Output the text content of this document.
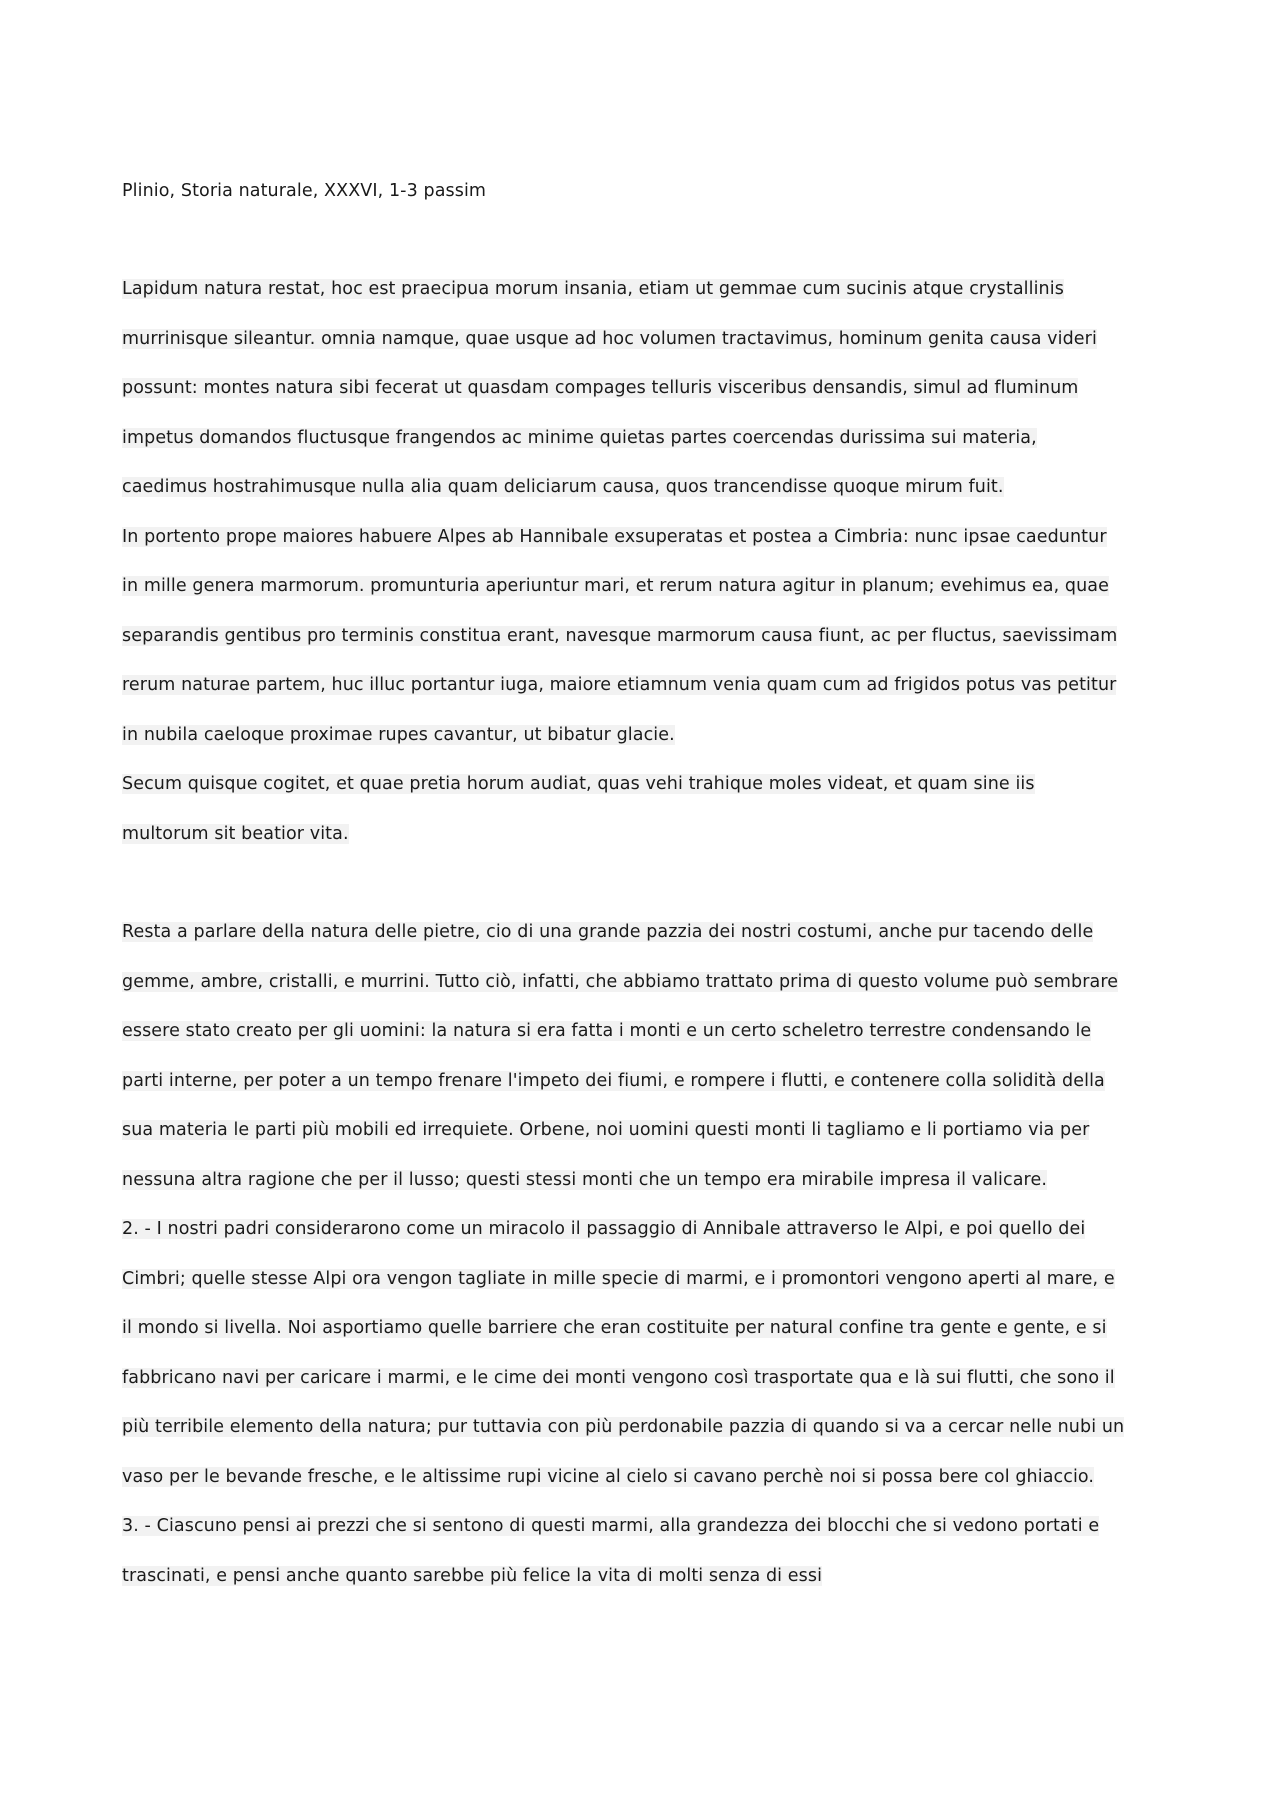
Plinio, Storia naturale, XXXVI, 1-3 passim
Lapidum natura restat, hoc est praecipua morum insania, etiam ut gemmae cum sucinis atque crystallinis
murrinisque sileantur. omnia namque, quae usque ad hoc volumen tractavimus, hominum genita causa videri
possunt: montes natura sibi fecerat ut quasdam compages telluris visceribus densandis, simul ad fluminum
impetus domandos fluctusque frangendos ac minime quietas partes coercendas durissima sui materia,
caedimus hostrahimusque nulla alia quam deliciarum causa, quos trancendisse quoque mirum fuit.
In portento prope maiores habuere Alpes ab Hannibale exsuperatas et postea a Cimbria: nunc ipsae caeduntur
in mille genera marmorum. promunturia aperiuntur mari, et rerum natura agitur in planum; evehimus ea, quae
separandis gentibus pro terminis constitua erant, navesque marmorum causa fiunt, ac per fluctus, saevissimam
rerum naturae partem, huc illuc portantur iuga, maiore etiamnum venia quam cum ad frigidos potus vas petitur
in nubila caeloque proximae rupes cavantur, ut bibatur glacie.
Secum quisque cogitet, et quae pretia horum audiat, quas vehi trahique moles videat, et quam sine iis
multorum sit beatior vita.
Resta a parlare della natura delle pietre, cio di una grande pazzia dei nostri costumi, anche pur tacendo delle
gemme, ambre, cristalli, e murrini. Tutto ciò, infatti, che abbiamo trattato prima di questo volume può sembrare
essere stato creato per gli uomini: la natura si era fatta i monti e un certo scheletro terrestre condensando le
parti interne, per poter a un tempo frenare l'impeto dei fiumi, e rompere i flutti, e contenere colla solidità della
sua materia le parti più mobili ed irrequiete. Orbene, noi uomini questi monti li tagliamo e li portiamo via per
nessuna altra ragione che per il lusso; questi stessi monti che un tempo era mirabile impresa il valicare.
2. - I nostri padri considerarono come un miracolo il passaggio di Annibale attraverso le Alpi, e poi quello dei
Cimbri; quelle stesse Alpi ora vengon tagliate in mille specie di marmi, e i promontori vengono aperti al mare, e
il mondo si livella. Noi asportiamo quelle barriere che eran costituite per natural confine tra gente e gente, e si
fabbricano navi per caricare i marmi, e le cime dei monti vengono così trasportate qua e là sui flutti, che sono il
più terribile elemento della natura; pur tuttavia con più perdonabile pazzia di quando si va a cercar nelle nubi un
vaso per le bevande fresche, e le altissime rupi vicine al cielo si cavano perchè noi si possa bere col ghiaccio.
3. - Ciascuno pensi ai prezzi che si sentono di questi marmi, alla grandezza dei blocchi che si vedono portati e
trascinati, e pensi anche quanto sarebbe più felice la vita di molti senza di essi
